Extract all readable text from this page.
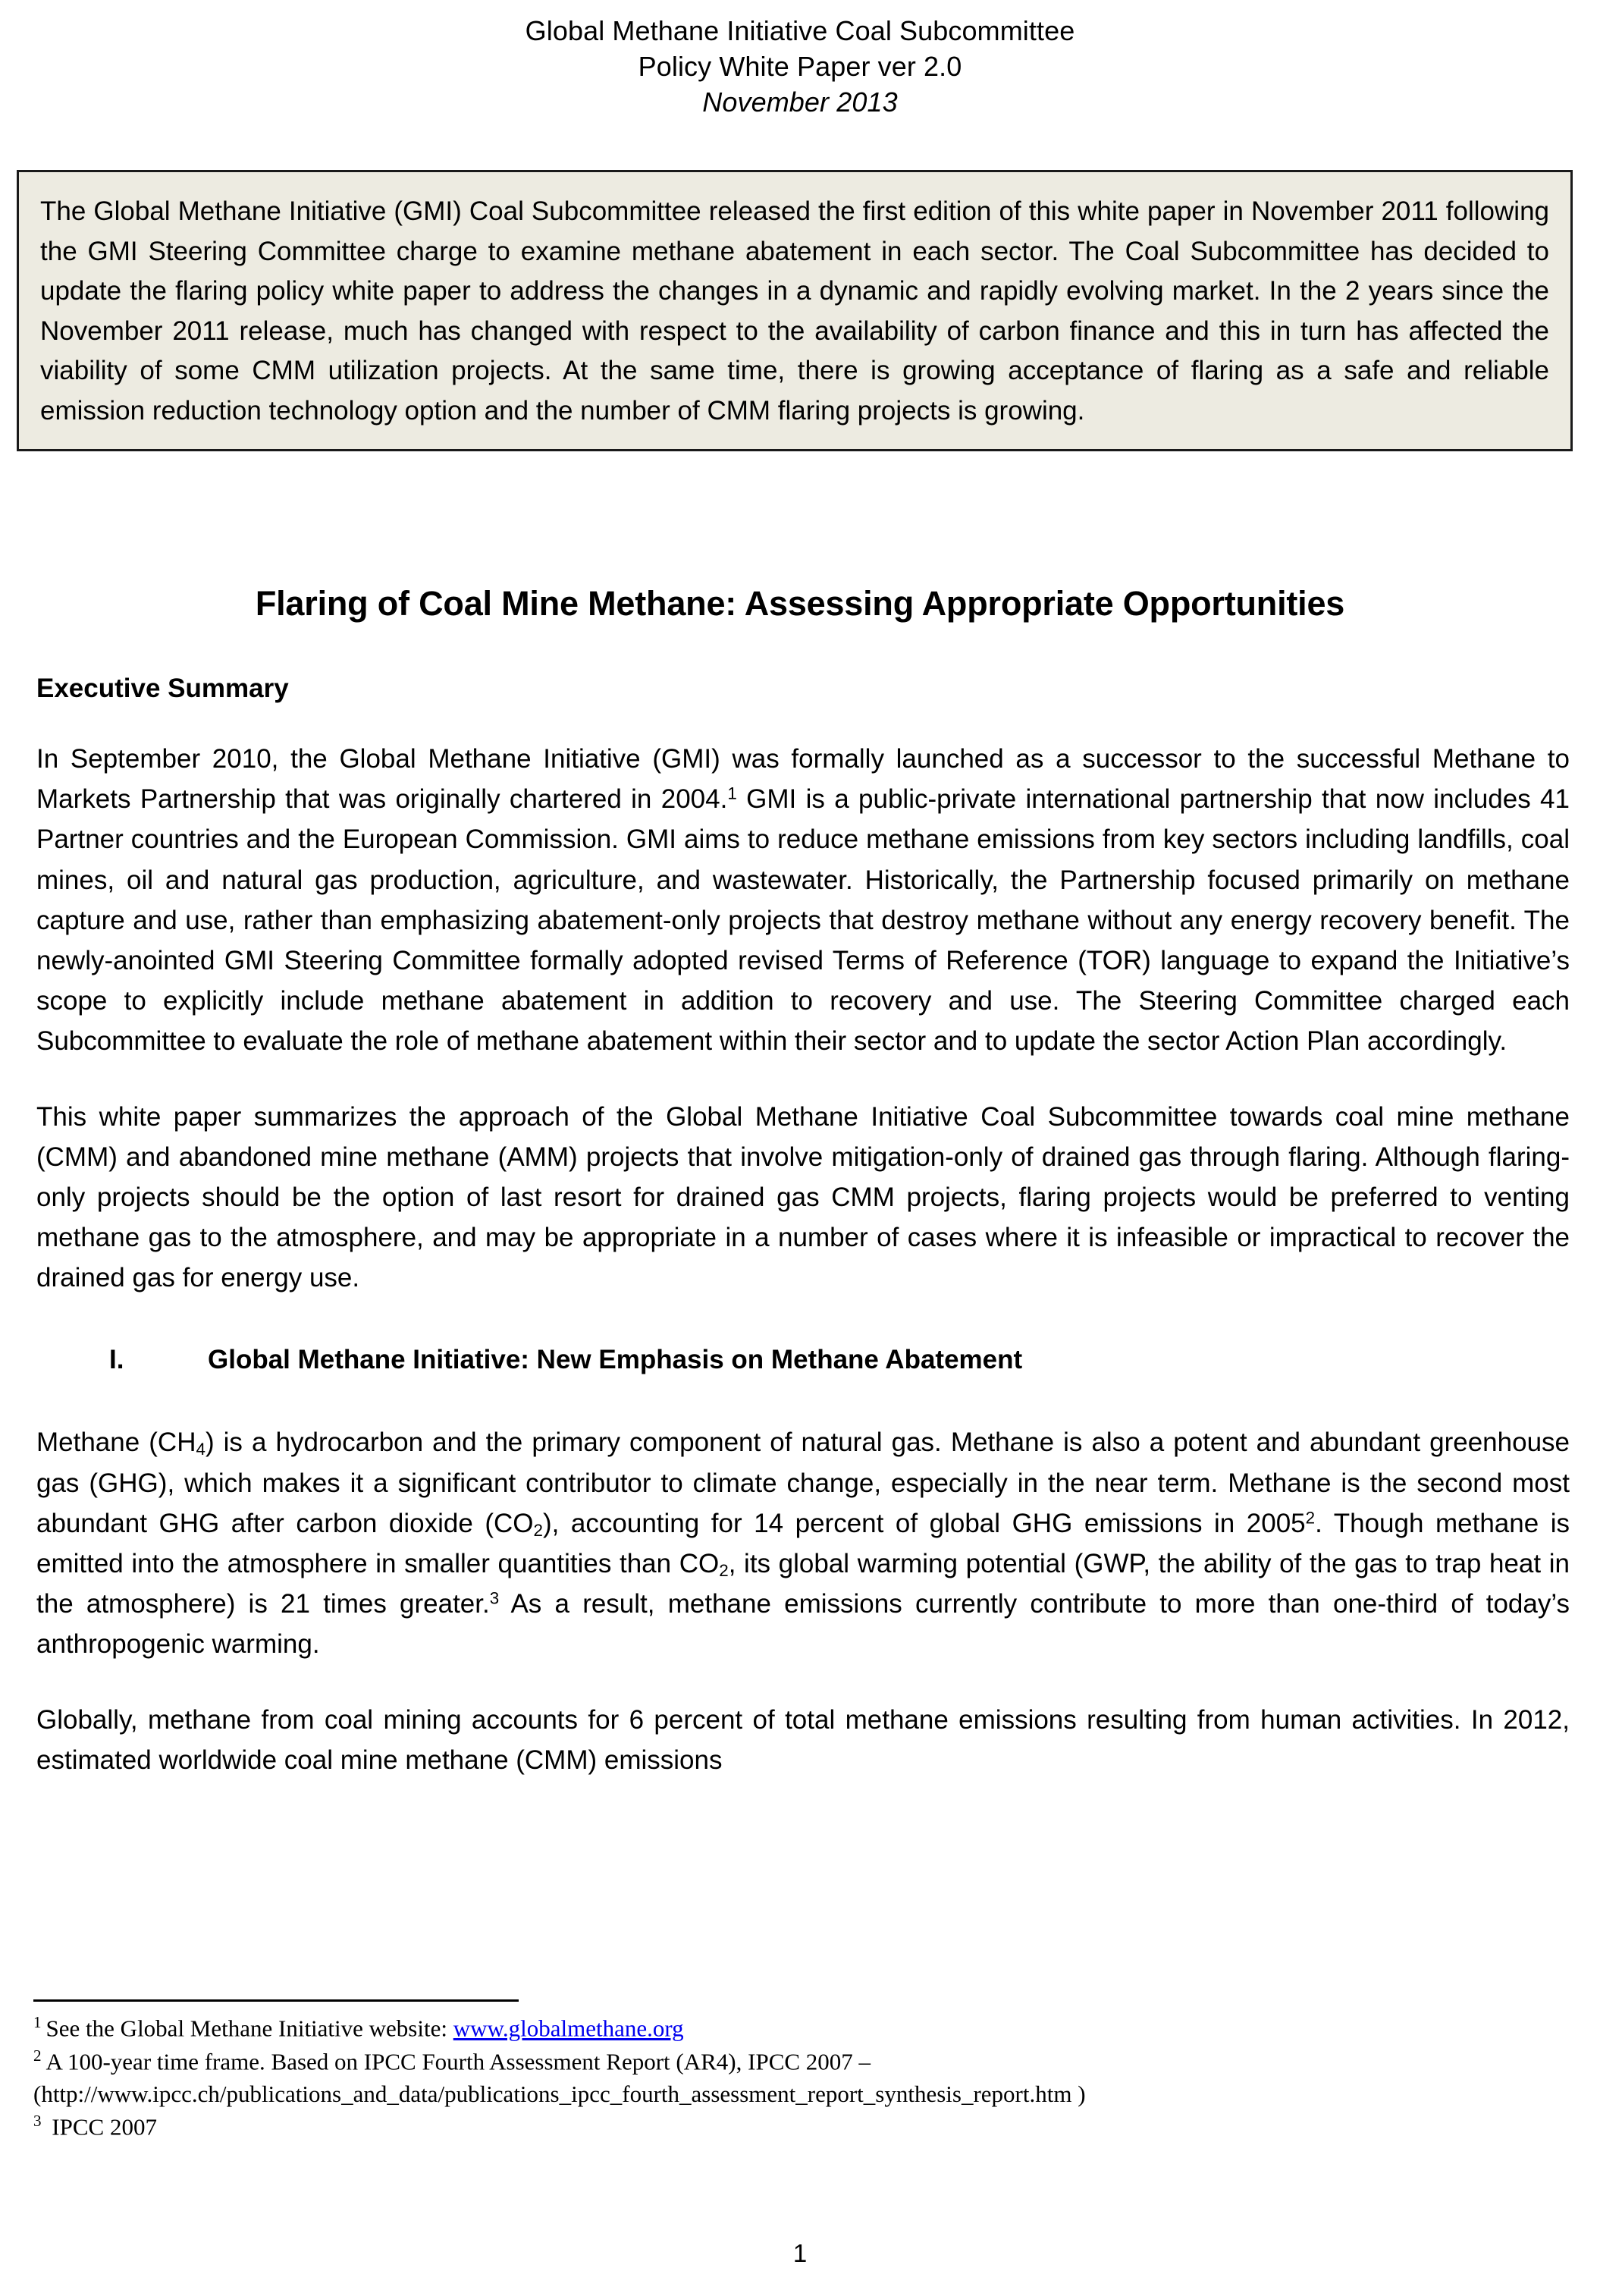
Global Methane Initiative Coal Subcommittee
Policy White Paper ver 2.0
November 2013

The Global Methane Initiative (GMI) Coal Subcommittee released the first edition of this white paper in November 2011 following the GMI Steering Committee charge to examine methane abatement in each sector. The Coal Subcommittee has decided to update the flaring policy white paper to address the changes in a dynamic and rapidly evolving market. In the 2 years since the November 2011 release, much has changed with respect to the availability of carbon finance and this in turn has affected the viability of some CMM utilization projects. At the same time, there is growing acceptance of flaring as a safe and reliable emission reduction technology option and the number of CMM flaring projects is growing.

Flaring of Coal Mine Methane: Assessing Appropriate Opportunities
Executive Summary

In September 2010, the Global Methane Initiative (GMI) was formally launched as a successor to the successful Methane to Markets Partnership that was originally chartered in 2004.$^1$ GMI is a public-private international partnership that now includes 41 Partner countries and the European Commission. GMI aims to reduce methane emissions from key sectors including landfills, coal mines, oil and natural gas production, agriculture, and wastewater. Historically, the Partnership focused primarily on methane capture and use, rather than emphasizing abatement-only projects that destroy methane without any energy recovery benefit. The newly-anointed GMI Steering Committee formally adopted revised Terms of Reference (TOR) language to expand the Initiative’s scope to explicitly include methane abatement in addition to recovery and use. The Steering Committee charged each Subcommittee to evaluate the role of methane abatement within their sector and to update the sector Action Plan accordingly.

This white paper summarizes the approach of the Global Methane Initiative Coal Subcommittee towards coal mine methane (CMM) and abandoned mine methane (AMM) projects that involve mitigation-only of drained gas through flaring. Although flaring-only projects should be the option of last resort for drained gas CMM projects, flaring projects would be preferred to venting methane gas to the atmosphere, and may be appropriate in a number of cases where it is infeasible or impractical to recover the drained gas for energy use.

I.	Global Methane Initiative: New Emphasis on Methane Abatement

Methane $(CH_4)$ is a hydrocarbon and the primary component of natural gas. Methane is also a potent and abundant greenhouse gas (GHG), which makes it a significant contributor to climate change, especially in the near term. Methane is the second most abundant GHG after carbon dioxide $(CO_2)$, accounting for 14 percent of global GHG emissions in 2005$^2$. Though methane is emitted into the atmosphere in smaller quantities than $CO_2$, its global warming potential (GWP, the ability of the gas to trap heat in the atmosphere) is 21 times greater.$^3$ As a result, methane emissions currently contribute to more than one-third of today’s anthropogenic warming.

Globally, methane from coal mining accounts for 6 percent of total methane emissions resulting from human activities. In 2012, estimated worldwide coal mine methane (CMM) emissions

$^1$ See the Global Methane Initiative website: www.globalmethane.org
$^2$ A 100-year time frame. Based on IPCC Fourth Assessment Report (AR4), IPCC 2007 –
(http://www.ipcc.ch/publications_and_data/publications_ipcc_fourth_assessment_report_synthesis_report.htm )
$^3$ IPCC 2007
1
